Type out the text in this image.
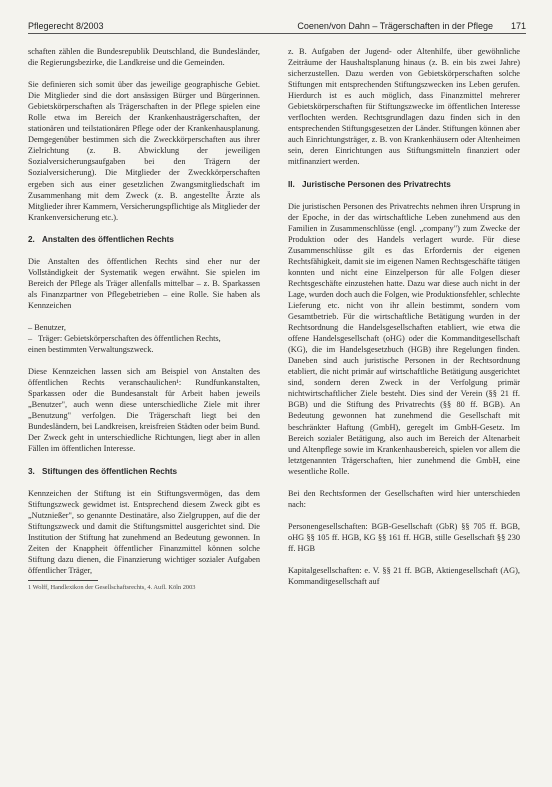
Pflegerecht 8/2003	Coenen/von Dahn – Trägerschaften in der Pflege 171

schaften zählen die Bundesrepublik Deutschland, die Bundesländer, die Regierungsbezirke, die Landkreise und die Gemeinden.

Sie definieren sich somit über das jeweilige geographische Gebiet. Die Mitglieder sind die dort ansässigen Bürger und Bürgerinnen. Gebietskörperschaften als Trägerschaften in der Pflege spielen eine Rolle etwa im Bereich der Krankenhausträgerschaften, der stationären und teilstationären Pflege oder der Krankenhausplanung. Demgegenüber bestimmen sich die Zweckkörperschaften aus ihrer Zielrichtung (z. B. Abwicklung der jeweiligen Sozialversicherungsaufgaben bei den Trägern der Sozialversicherung). Die Mitglieder der Zweckkörperschaften ergeben sich aus einer gesetzlichen Zwangsmitgliedschaft im Zusammenhang mit dem Zweck (z. B. angestellte Ärzte als Mitglieder ihrer Kammern, Versicherungspflichtige als Mitglieder der Krankenversicherung etc.).

2. Anstalten des öffentlichen Rechts

Die Anstalten des öffentlichen Rechts sind eher nur der Vollständigkeit der Systematik wegen erwähnt. Sie spielen im Bereich der Pflege als Träger allenfalls mittelbar – z. B. Sparkassen als Finanzpartner von Pflegebetrieben – eine Rolle. Sie haben als Kennzeichen

– Benutzer,
– Träger: Gebietskörperschaften des öffentlichen Rechts,
einen bestimmten Verwaltungszweck.

Diese Kennzeichen lassen sich am Beispiel von Anstalten des öffentlichen Rechts veranschaulichen¹: Rundfunkanstalten, Sparkassen oder die Bundesanstalt für Arbeit haben jeweils „Benutzer", auch wenn diese unterschiedliche Ziele mit ihrer „Benutzung" verfolgen. Die Trägerschaft liegt bei den Bundesländern, bei Landkreisen, kreisfreien Städten oder beim Bund. Der Zweck geht in unterschiedliche Richtungen, liegt aber in allen Fällen im öffentlichen Interesse.

3. Stiftungen des öffentlichen Rechts

Kennzeichen der Stiftung ist ein Stiftungsvermögen, das dem Stiftungszweck gewidmet ist. Entsprechend diesem Zweck gibt es „Nutznießer", so genannte Destinatäre, also Zielgruppen, auf die der Stiftungszweck und damit die Stiftungsmittel ausgerichtet sind. Die Institution der Stiftung hat zunehmend an Bedeutung gewonnen. In Zeiten der Knappheit öffentlicher Finanzmittel können solche Stiftung dazu dienen, die Finanzierung wichtiger sozialer Aufgaben öffentlicher Träger,

1 Wolff, Handlexikon der Gesellschaftsrechts, 4. Aufl. Köln 2003

z. B. Aufgaben der Jugend- oder Altenhilfe, über gewöhnliche Zeiträume der Haushaltsplanung hinaus (z. B. ein bis zwei Jahre) sicherzustellen. Dazu werden von Gebietskörperschaften solche Stiftungen mit entsprechenden Stiftungszwecken ins Leben gerufen. Hierdurch ist es auch möglich, dass Finanzmittel mehrerer Gebietskörperschaften für Stiftungszwecke im öffentlichen Interesse verflochten werden. Rechtsgrundlagen dazu finden sich in den entsprechenden Stiftungsgesetzen der Länder. Stiftungen können aber auch Einrichtungsträger, z. B. von Krankenhäusern oder Altenheimen sein, deren Einrichtungen aus Stiftungsmitteln finanziert oder mitfinanziert werden.

II. Juristische Personen des Privatrechts

Die juristischen Personen des Privatrechts nehmen ihren Ursprung in der Epoche, in der das wirtschaftliche Leben zunehmend aus den Familien in Zusammenschlüsse (engl. „company") zum Zwecke der Produktion oder des Handels verlagert wurde. Für diese Zusammenschlüsse gilt es das Erfordernis der eigenen Rechtsfähigkeit, damit sie im eigenen Namen Rechtsgeschäfte tätigen konnten und nicht eine Einzelperson für alle Folgen dieser Rechtsgeschäfte einzustehen hatte. Dazu war diese auch nicht in der Lage, wurden doch auch die Folgen, wie Produktionsfehler, schlechte Lieferung etc. nicht von ihr allein bestimmt, sondern vom Gesamtbetrieb. Für die wirtschaftliche Betätigung wurden in der Rechtsordnung die Handelsgesellschaften etabliert, wie etwa die offene Handelsgesellschaft (oHG) oder die Kommanditgesellschaft (KG), die im Handelsgesetzbuch (HGB) ihre Regelungen finden. Daneben sind auch juristische Personen in der Rechtsordnung etabliert, die nicht primär auf wirtschaftliche Betätigung ausgerichtet sind, sondern deren Zweck in der Verfolgung primär nichtwirtschaftlicher Ziele besteht. Dies sind der Verein (§§ 21 ff. BGB) und die Stiftung des Privatrechts (§§ 80 ff. BGB). An Bedeutung gewonnen hat zunehmend die Gesellschaft mit beschränkter Haftung (GmbH), geregelt im GmbH-Gesetz. Im Bereich sozialer Betätigung, also auch im Bereich der Altenarbeit und Altenpflege sowie im Krankenhausbereich, spielen vor allem die letztgenannten Trägerschaften, hier zunehmend die GmbH, eine wesentliche Rolle.

Bei den Rechtsformen der Gesellschaften wird hier unterschieden nach:

Personengesellschaften: BGB-Gesellschaft (GbR) §§ 705 ff. BGB, oHG §§ 105 ff. HGB, KG §§ 161 ff. HGB, stille Gesellschaft §§ 230 ff. HGB

Kapitalgesellschaften: e. V. §§ 21 ff. BGB, Aktiengesellschaft (AG), Kommanditgesellschaft auf
